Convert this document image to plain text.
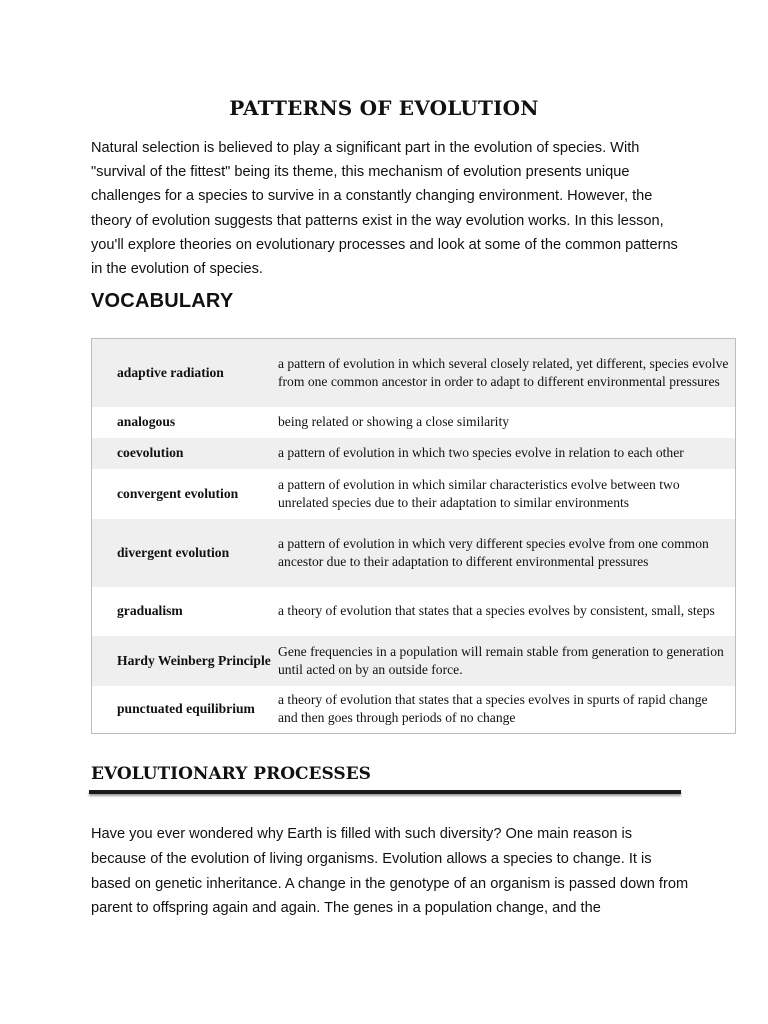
PATTERNS OF EVOLUTION

Natural selection is believed to play a significant part in the evolution of species. With "survival of the fittest" being its theme, this mechanism of evolution presents unique challenges for a species to survive in a constantly changing environment. However, the theory of evolution suggests that patterns exist in the way evolution works. In this lesson, you'll explore theories on evolutionary processes and look at some of the common patterns in the evolution of species.

VOCABULARY
adaptive radiation	a pattern of evolution in which several closely related, yet different, species evolve from one common ancestor in order to adapt to different environmental pressures
analogous	being related or showing a close similarity
coevolution	a pattern of evolution in which two species evolve in relation to each other
convergent evolution	a pattern of evolution in which similar characteristics evolve between two unrelated species due to their adaptation to similar environments
divergent evolution	a pattern of evolution in which very different species evolve from one common ancestor due to their adaptation to different environmental pressures
gradualism	a theory of evolution that states that a species evolves by consistent, small, steps
Hardy Weinberg Principle	Gene frequencies in a population will remain stable from generation to generation until acted on by an outside force.
punctuated equilibrium	a theory of evolution that states that a species evolves in spurts of rapid change and then goes through periods of no change
EVOLUTIONARY PROCESSES

Have you ever wondered why Earth is filled with such diversity? One main reason is because of the evolution of living organisms. Evolution allows a species to change. It is based on genetic inheritance. A change in the genotype of an organism is passed down from parent to offspring again and again. The genes in a population change, and the
